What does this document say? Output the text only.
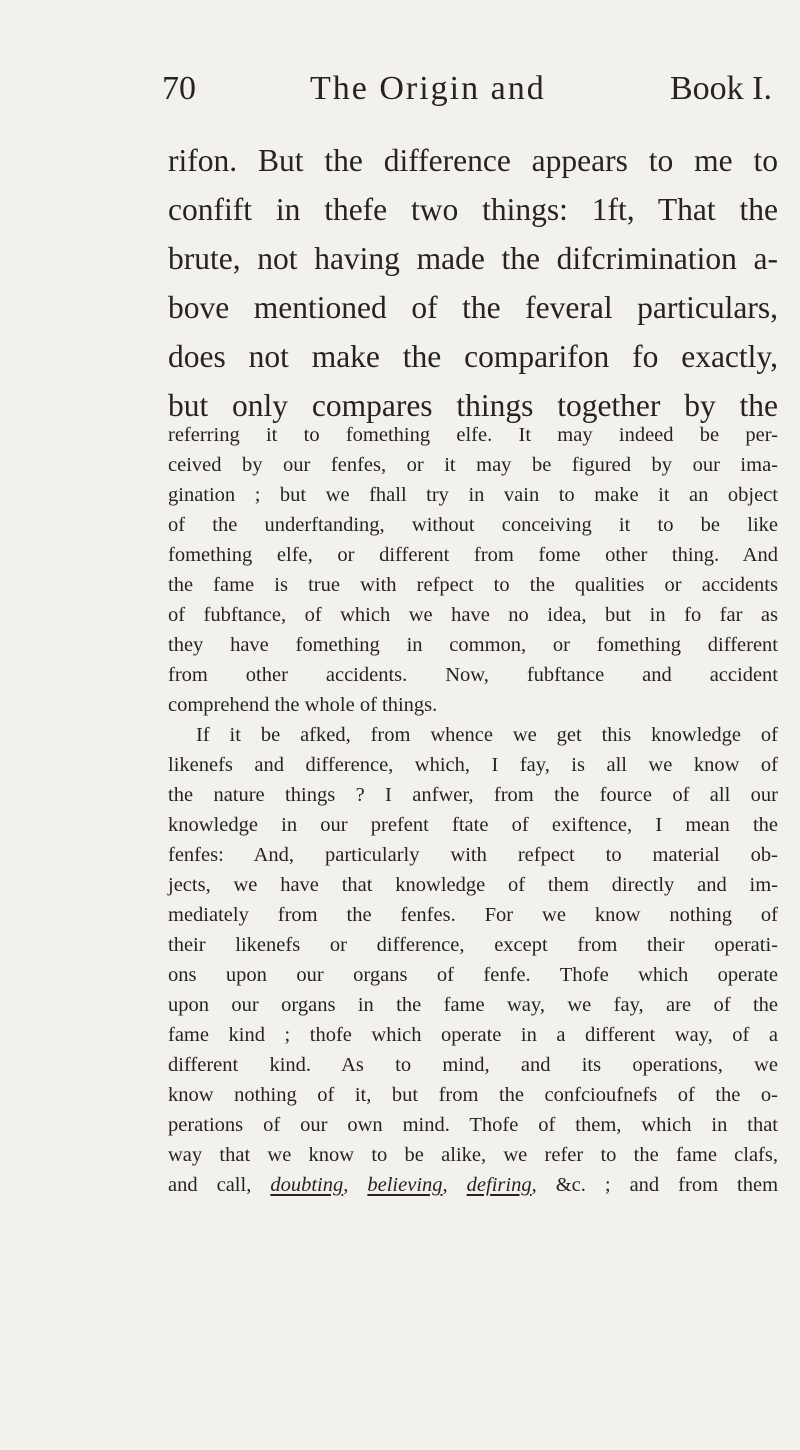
70	The Origin and	Book I.
rifon. But the difference appears to me to
confift in thefe two things: 1ft, That the
brute, not having made the difcrimination a-
bove mentioned of the feveral particulars,
does not make the comparifon fo exactly,
but only compares things together by the
referring it to fomething elfe. It may indeed be per-
ceived by our fenfes, or it may be figured by our ima-
gination ; but we fhall try in vain to make it an object
of the underftanding, without conceiving it to be like
fomething elfe, or different from fome other thing. And
the fame is true with refpect to the qualities or accidents
of fubftance, of which we have no idea, but in fo far as
they have fomething in common, or fomething different
from other accidents. Now, fubftance and accident
comprehend the whole of things.
If it be afked, from whence we get this knowledge of
likenefs and difference, which, I fay, is all we know of
the nature things ? I anfwer, from the fource of all our
knowledge in our prefent ftate of exiftence, I mean the
fenfes: And, particularly with refpect to material ob-
jects, we have that knowledge of them directly and im-
mediately from the fenfes. For we know nothing of
their likenefs or difference, except from their operati-
ons upon our organs of fenfe. Thofe which operate
upon our organs in the fame way, we fay, are of the
fame kind ; thofe which operate in a different way, of a
different kind. As to mind, and its operations, we
know nothing of it, but from the confcioufnefs of the o-
perations of our own mind. Thofe of them, which in that
way that we know to be alike, we refer to the fame clafs,
and call, doubting, believing, defiring, &c. ; and from them
